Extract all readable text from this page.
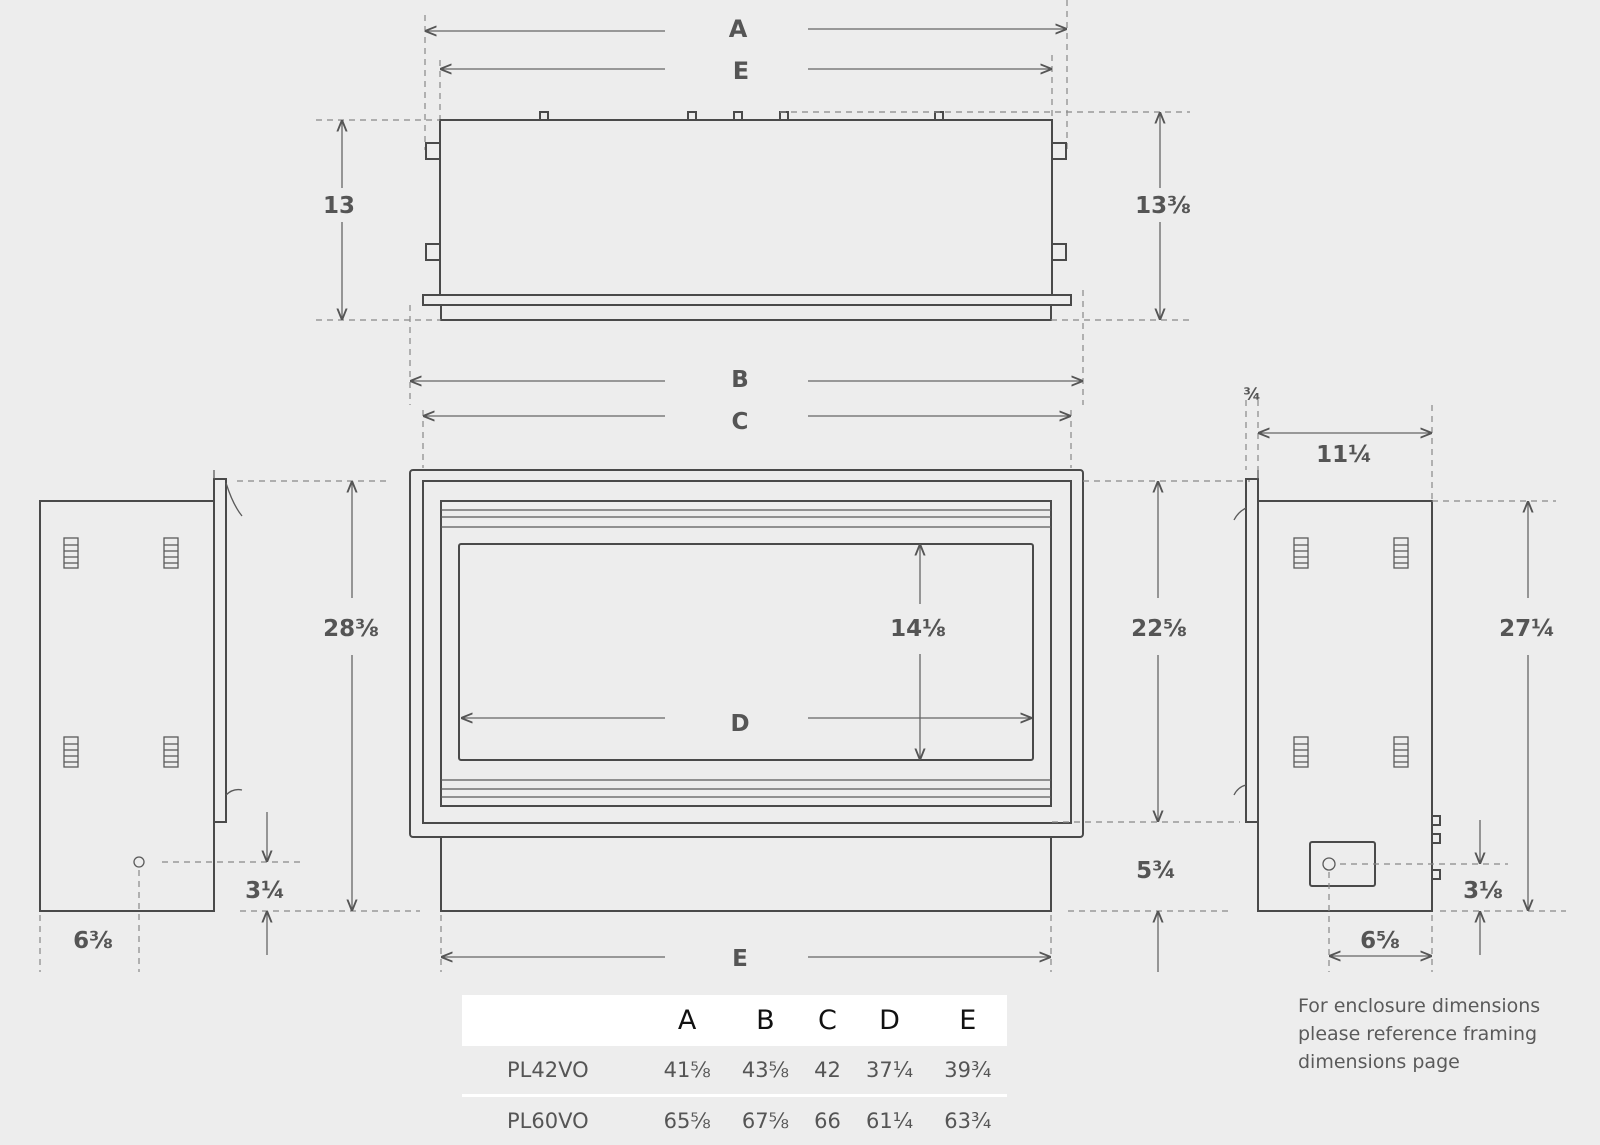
A
E
13	13⅜
B
C
14⅛
D
28⅜	22⅝
5¾
E
3¼
6⅜
11¼
¾
27¼
3⅛
6⅝
	A	B	C	D	E
PL42VO	41⅝	43⅝	42	37¼	39¾
PL60VO	65⅝	67⅝	66	61¼	63¾
For enclosure dimensions please reference framing dimensions page
